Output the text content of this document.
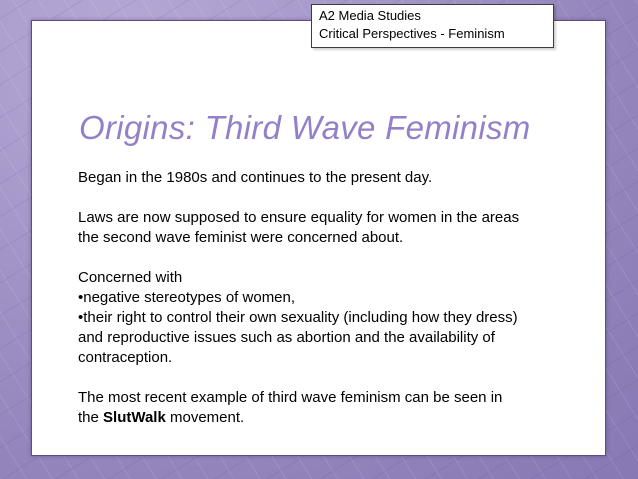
A2 Media Studies
Critical Perspectives - Feminism
Origins: Third Wave Feminism

Began in the 1980s and continues to the present day.

Laws are now supposed to ensure equality for women in the areas
the second wave feminist were concerned about.

Concerned with
•negative stereotypes of women,
•their right to control their own sexuality (including how they dress)
and reproductive issues such as abortion and the availability of
contraception.

The most recent example of third wave feminism can be seen in
the SlutWalk movement.
